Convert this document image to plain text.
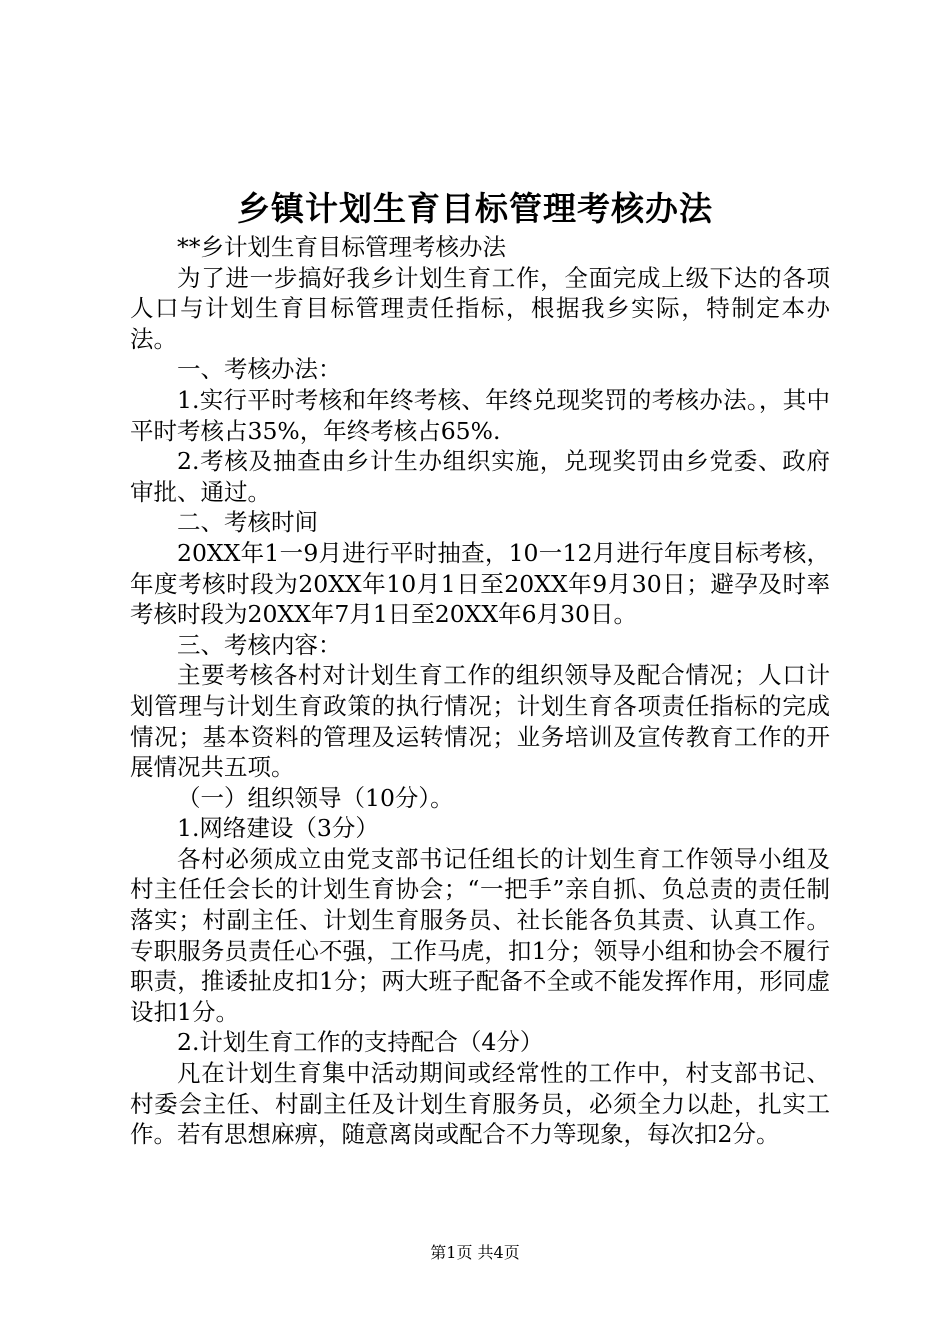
乡镇计划生育目标管理考核办法

**乡计划生育目标管理考核办法

为了进一步搞好我乡计划生育工作，全面完成上级下达的各项人口与计划生育目标管理责任指标，根据我乡实际，特制定本办法。

一、考核办法：

1.实行平时考核和年终考核、年终兑现奖罚的考核办法。，其中平时考核占35%，年终考核占65%.

2.考核及抽查由乡计生办组织实施，兑现奖罚由乡党委、政府审批、通过。

二、考核时间

20XX年1一9月进行平时抽查，10一12月进行年度目标考核，年度考核时段为20XX年10月1日至20XX年9月30日；避孕及时率考核时段为20XX年7月1日至20XX年6月30日。

三、考核内容：

主要考核各村对计划生育工作的组织领导及配合情况；人口计划管理与计划生育政策的执行情况；计划生育各项责任指标的完成情况；基本资料的管理及运转情况；业务培训及宣传教育工作的开展情况共五项。

（一）组织领导（10分）。

1.网络建设（3分）

各村必须成立由党支部书记任组长的计划生育工作领导小组及村主任任会长的计划生育协会；“一把手”亲自抓、负总责的责任制落实；村副主任、计划生育服务员、社长能各负其责、认真工作。专职服务员责任心不强，工作马虎，扣1分；领导小组和协会不履行职责，推诿扯皮扣1分；两大班子配备不全或不能发挥作用，形同虚设扣1分。

2.计划生育工作的支持配合（4分）

凡在计划生育集中活动期间或经常性的工作中，村支部书记、村委会主任、村副主任及计划生育服务员，必须全力以赴，扎实工作。若有思想麻痹，随意离岗或配合不力等现象，每次扣2分。

第1页 共4页
